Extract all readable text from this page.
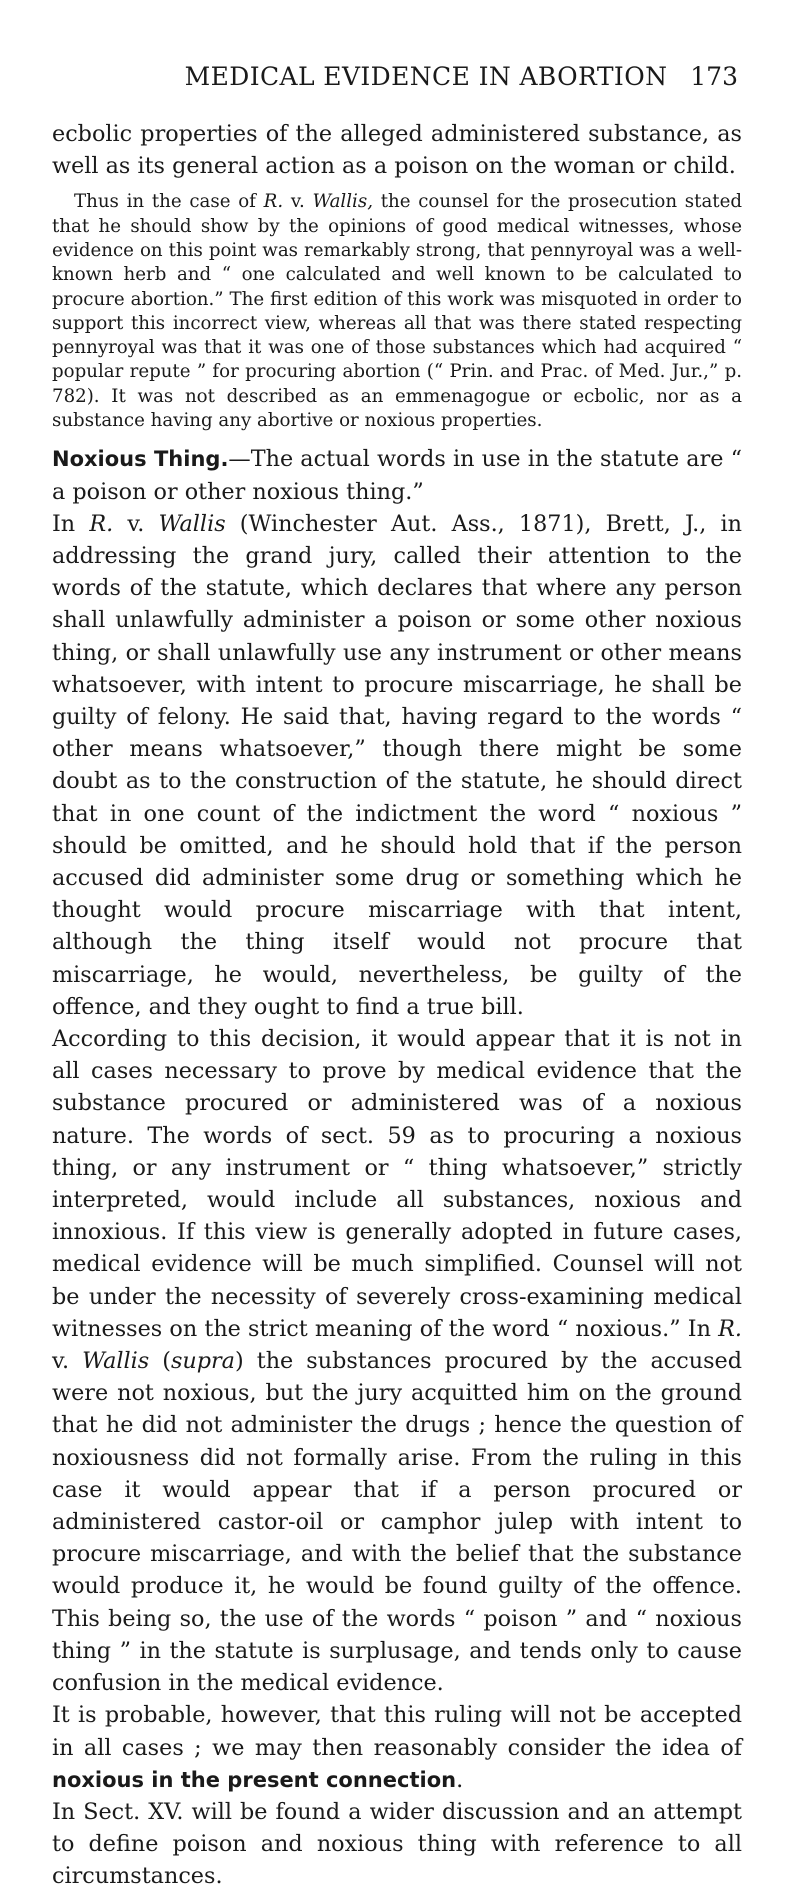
MEDICAL EVIDENCE IN ABORTION 173

ecbolic properties of the alleged administered substance, as well as its general action as a poison on the woman or child.

Thus in the case of R. v. Wallis, the counsel for the prosecution stated that he should show by the opinions of good medical witnesses, whose evidence on this point was remarkably strong, that pennyroyal was a well-known herb and “ one calculated and well known to be calculated to procure abortion.” The first edition of this work was misquoted in order to support this incorrect view, whereas all that was there stated respecting pennyroyal was that it was one of those substances which had acquired “ popular repute ” for procuring abortion (“ Prin. and Prac. of Med. Jur.,” p. 782). It was not described as an emmenagogue or ecbolic, nor as a substance having any abortive or noxious properties.

Noxious Thing.—The actual words in use in the statute are “ a poison or other noxious thing.”

In R. v. Wallis (Winchester Aut. Ass., 1871), Brett, J., in addressing the grand jury, called their attention to the words of the statute, which declares that where any person shall unlawfully administer a poison or some other noxious thing, or shall unlawfully use any instrument or other means whatsoever, with intent to procure miscarriage, he shall be guilty of felony. He said that, having regard to the words “ other means whatsoever,” though there might be some doubt as to the construction of the statute, he should direct that in one count of the indictment the word “ noxious ” should be omitted, and he should hold that if the person accused did administer some drug or something which he thought would procure miscarriage with that intent, although the thing itself would not procure that miscarriage, he would, nevertheless, be guilty of the offence, and they ought to find a true bill.

According to this decision, it would appear that it is not in all cases necessary to prove by medical evidence that the substance procured or administered was of a noxious nature. The words of sect. 59 as to procuring a noxious thing, or any instrument or “ thing whatsoever,” strictly interpreted, would include all substances, noxious and innoxious. If this view is generally adopted in future cases, medical evidence will be much simplified. Counsel will not be under the necessity of severely cross-examining medical witnesses on the strict meaning of the word “ noxious.” In R. v. Wallis (supra) the substances procured by the accused were not noxious, but the jury acquitted him on the ground that he did not administer the drugs ; hence the question of noxiousness did not formally arise. From the ruling in this case it would appear that if a person procured or administered castor-oil or camphor julep with intent to procure miscarriage, and with the belief that the substance would produce it, he would be found guilty of the offence. This being so, the use of the words “ poison ” and “ noxious thing ” in the statute is surplusage, and tends only to cause confusion in the medical evidence.

It is probable, however, that this ruling will not be accepted in all cases ; we may then reasonably consider the idea of noxious in the present connection.

In Sect. XV. will be found a wider discussion and an attempt to define poison and noxious thing with reference to all circumstances.
